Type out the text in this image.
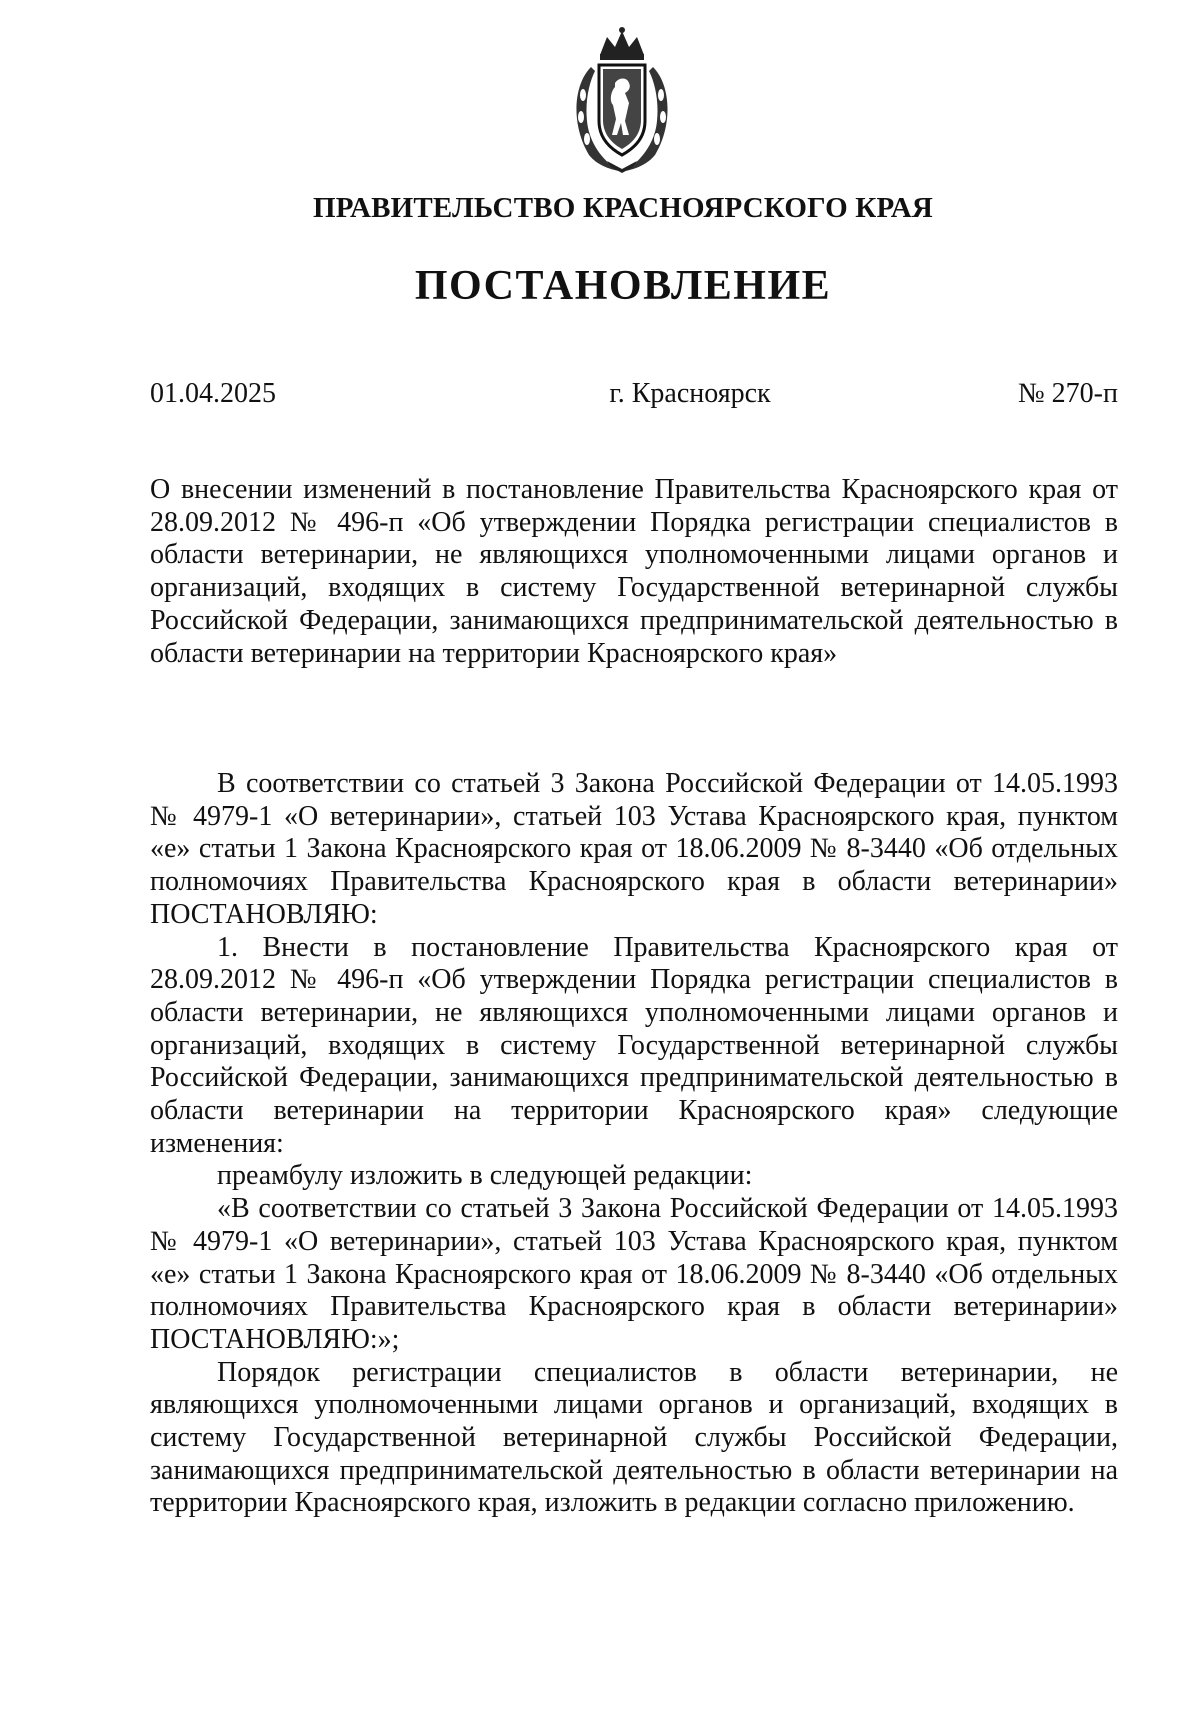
ПРАВИТЕЛЬСТВО КРАСНОЯРСКОГО КРАЯ
ПОСТАНОВЛЕНИЕ
01.04.2025	г. Красноярск	№ 270-п

О внесении изменений в постановление Правительства Красноярского края от 28.09.2012 № 496-п «Об утверждении Порядка регистрации специалистов в области ветеринарии, не являющихся уполномоченными лицами органов и организаций, входящих в систему Государственной ветеринарной службы Российской Федерации, занимающихся предпринимательской деятельностью в области ветеринарии на территории Красноярского края»

В соответствии со статьей 3 Закона Российской Федерации от 14.05.1993 № 4979-1 «О ветеринарии», статьей 103 Устава Красноярского края, пунктом «е» статьи 1 Закона Красноярского края от 18.06.2009 № 8-3440 «Об отдельных полномочиях Правительства Красноярского края в области ветеринарии» ПОСТАНОВЛЯЮ:

1. Внести в постановление Правительства Красноярского края от 28.09.2012 № 496-п «Об утверждении Порядка регистрации специалистов в области ветеринарии, не являющихся уполномоченными лицами органов и организаций, входящих в систему Государственной ветеринарной службы Российской Федерации, занимающихся предпринимательской деятельностью в области ветеринарии на территории Красноярского края» следующие изменения:

преамбулу изложить в следующей редакции:

«В соответствии со статьей 3 Закона Российской Федерации от 14.05.1993 № 4979-1 «О ветеринарии», статьей 103 Устава Красноярского края, пунктом «е» статьи 1 Закона Красноярского края от 18.06.2009 № 8-3440 «Об отдельных полномочиях Правительства Красноярского края в области ветеринарии» ПОСТАНОВЛЯЮ:»;

Порядок регистрации специалистов в области ветеринарии, не являющихся уполномоченными лицами органов и организаций, входящих в систему Государственной ветеринарной службы Российской Федерации, занимающихся предпринимательской деятельностью в области ветеринарии на территории Красноярского края, изложить в редакции согласно приложению.
